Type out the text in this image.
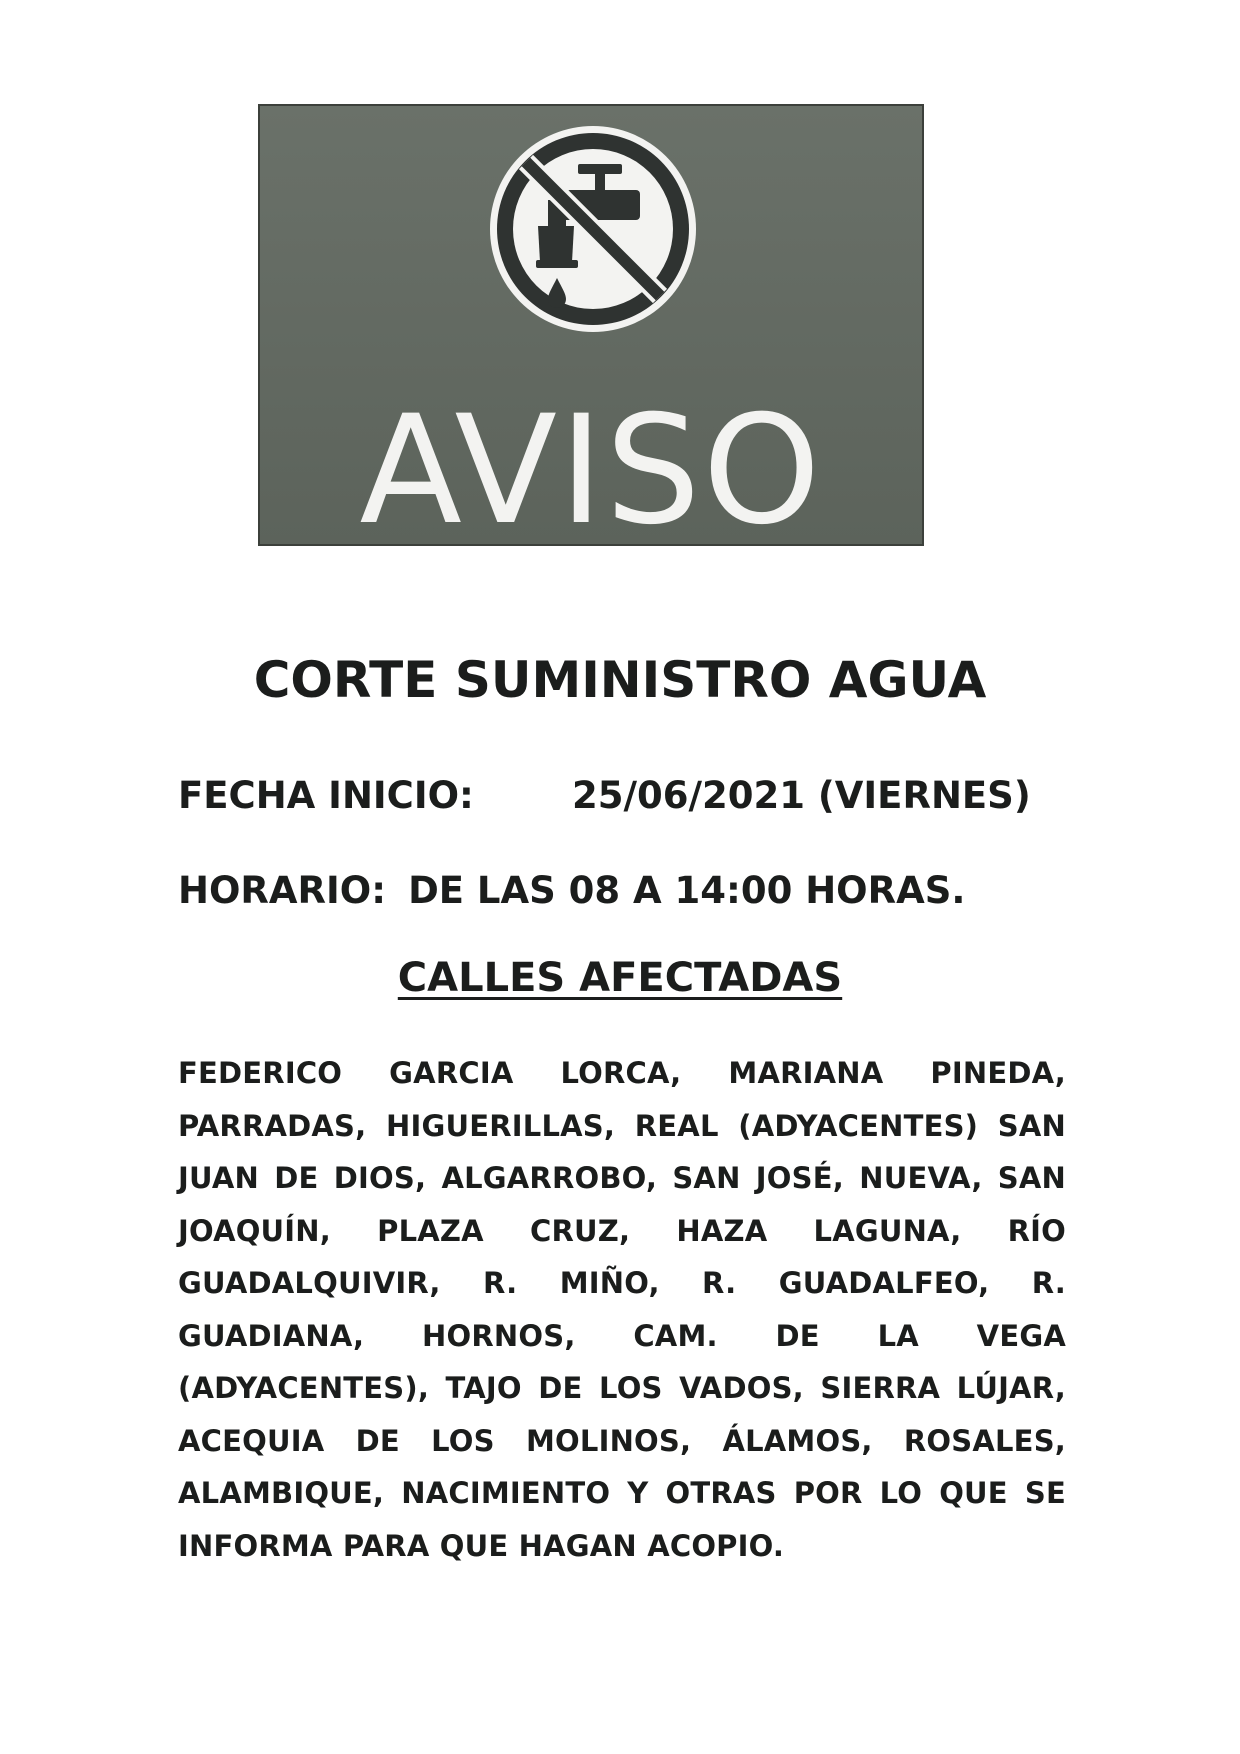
AVISO
CORTE SUMINISTRO AGUA
FECHA INICIO:	25/06/2021 (VIERNES)
HORARIO: DE LAS 08 A 14:00 HORAS.
CALLES AFECTADAS
FEDERICO GARCIA LORCA, MARIANA PINEDA, PARRADAS, HIGUERILLAS, REAL (ADYACENTES) SAN JUAN DE DIOS, ALGARROBO, SAN JOSÉ, NUEVA, SAN JOAQUÍN, PLAZA CRUZ, HAZA LAGUNA, RÍO GUADALQUIVIR, R. MIÑO, R. GUADALFEO, R. GUADIANA, HORNOS, CAM. DE LA VEGA (ADYACENTES), TAJO DE LOS VADOS, SIERRA LÚJAR, ACEQUIA DE LOS MOLINOS, ÁLAMOS, ROSALES, ALAMBIQUE, NACIMIENTO Y OTRAS POR LO QUE SE INFORMA PARA QUE HAGAN ACOPIO.
